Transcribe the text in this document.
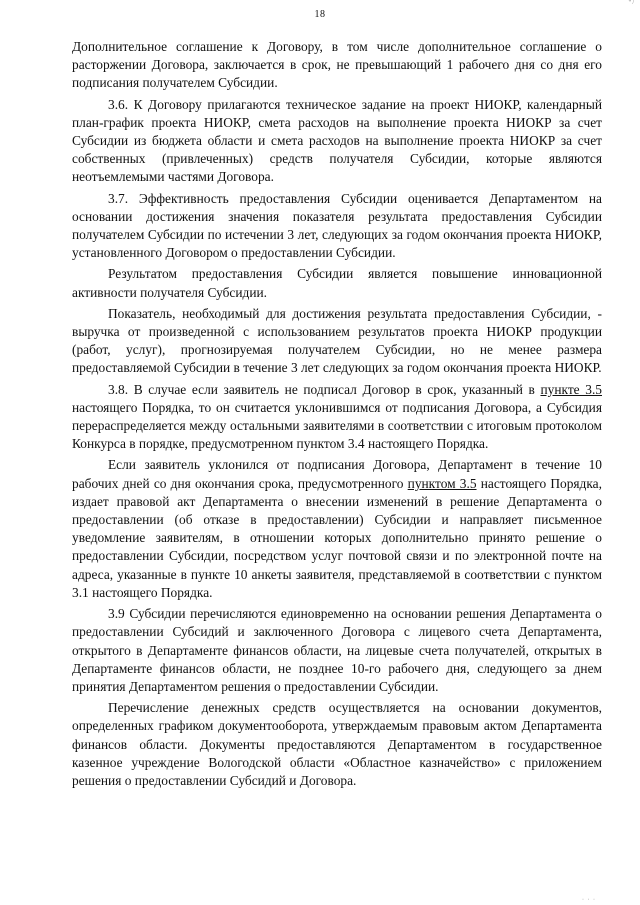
'' /
18

Дополнительное соглашение к Договору, в том числе дополнительное соглашение о расторжении Договора, заключается в срок, не превышающий 1 рабочего дня со дня его подписания получателем Субсидии.

3.6. К Договору прилагаются техническое задание на проект НИОКР, календарный план-график проекта НИОКР, смета расходов на выполнение проекта НИОКР за счет Субсидии из бюджета области и смета расходов на выполнение проекта НИОКР за счет собственных (привлеченных) средств получателя Субсидии, которые являются неотъемлемыми частями Договора.

3.7. Эффективность предоставления Субсидии оценивается Департаментом на основании достижения значения показателя результата предоставления Субсидии получателем Субсидии по истечении 3 лет, следующих за годом окончания проекта НИОКР, установленного Договором о предоставлении Субсидии.

Результатом предоставления Субсидии является повышение инновационной активности получателя Субсидии.

Показатель, необходимый для достижения результата предоставления Субсидии, - выручка от произведенной с использованием результатов проекта НИОКР продукции (работ, услуг), прогнозируемая получателем Субсидии, но не менее размера предоставляемой Субсидии в течение 3 лет следующих за годом окончания проекта НИОКР.

3.8. В случае если заявитель не подписал Договор в срок, указанный в пункте 3.5 настоящего Порядка, то он считается уклонившимся от подписания Договора, а Субсидия перераспределяется между остальными заявителями в соответствии с итоговым протоколом Конкурса в порядке, предусмотренном пунктом 3.4 настоящего Порядка.

Если заявитель уклонился от подписания Договора, Департамент в течение 10 рабочих дней со дня окончания срока, предусмотренного пунктом 3.5 настоящего Порядка, издает правовой акт Департамента о внесении изменений в решение Департамента о предоставлении (об отказе в предоставлении) Субсидии и направляет письменное уведомление заявителям, в отношении которых дополнительно принято решение о предоставлении Субсидии, посредством услуг почтовой связи и по электронной почте на адреса, указанные в пункте 10 анкеты заявителя, представляемой в соответствии с пунктом 3.1 настоящего Порядка.

3.9 Субсидии перечисляются единовременно на основании решения Департамента о предоставлении Субсидий и заключенного Договора с лицевого счета Департамента, открытого в Департаменте финансов области, на лицевые счета получателей, открытых в Департаменте финансов области, не позднее 10-го рабочего дня, следующего за днем принятия Департаментом решения о предоставлении Субсидии.

Перечисление денежных средств осуществляется на основании документов, определенных графиком документооборота, утверждаемым правовым актом Департамента финансов области. Документы предоставляются Департаментом в государственное казенное учреждение Вологодской области «Областное казначейство» с приложением решения о предоставлении Субсидий и Договора.

· · ·
